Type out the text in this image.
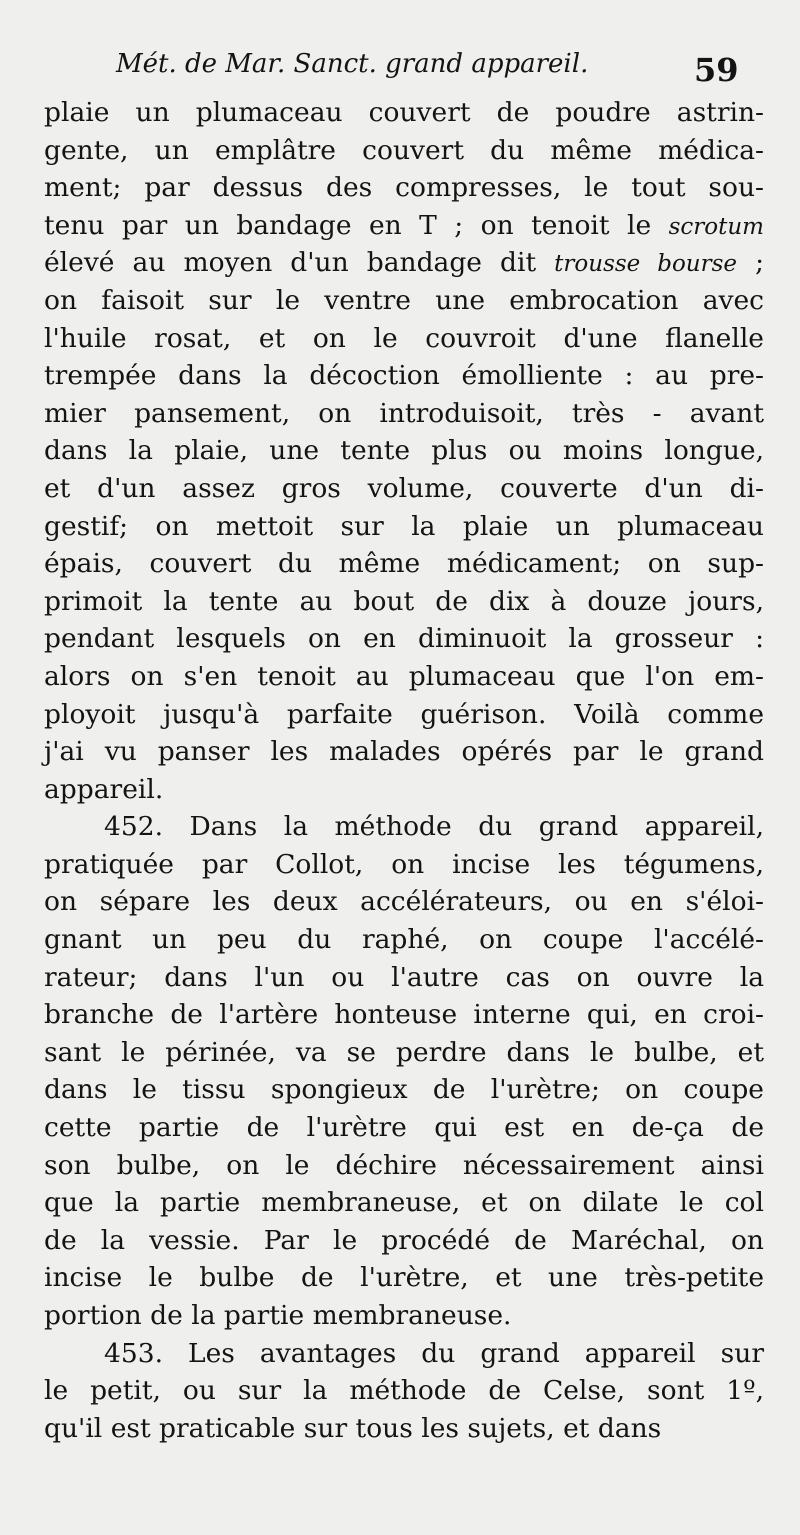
Mét. de Mar. Sanct. grand appareil.	59
plaie un plumaceau couvert de poudre astrin-
gente, un emplâtre couvert du même médica-
ment; par dessus des compresses, le tout sou-
tenu par un bandage en T ; on tenoit le scrotum
élevé au moyen d'un bandage dit trousse bourse ;
on faisoit sur le ventre une embrocation avec
l'huile rosat, et on le couvroit d'une flanelle
trempée dans la décoction émolliente : au pre-
mier pansement, on introduisoit, très - avant
dans la plaie, une tente plus ou moins longue,
et d'un assez gros volume, couverte d'un di-
gestif; on mettoit sur la plaie un plumaceau
épais, couvert du même médicament; on sup-
primoit la tente au bout de dix à douze jours,
pendant lesquels on en diminuoit la grosseur :
alors on s'en tenoit au plumaceau que l'on em-
ployoit jusqu'à parfaite guérison. Voilà comme
j'ai vu panser les malades opérés par le grand
appareil.
452. Dans la méthode du grand appareil,
pratiquée par Collot, on incise les tégumens,
on sépare les deux accélérateurs, ou en s'éloi-
gnant un peu du raphé, on coupe l'accélé-
rateur; dans l'un ou l'autre cas on ouvre la
branche de l'artère honteuse interne qui, en croi-
sant le périnée, va se perdre dans le bulbe, et
dans le tissu spongieux de l'urètre; on coupe
cette partie de l'urètre qui est en de-ça de
son bulbe, on le déchire nécessairement ainsi
que la partie membraneuse, et on dilate le col
de la vessie. Par le procédé de Maréchal, on
incise le bulbe de l'urètre, et une très-petite
portion de la partie membraneuse.
453. Les avantages du grand appareil sur
le petit, ou sur la méthode de Celse, sont 1º,
qu'il est praticable sur tous les sujets, et dans
